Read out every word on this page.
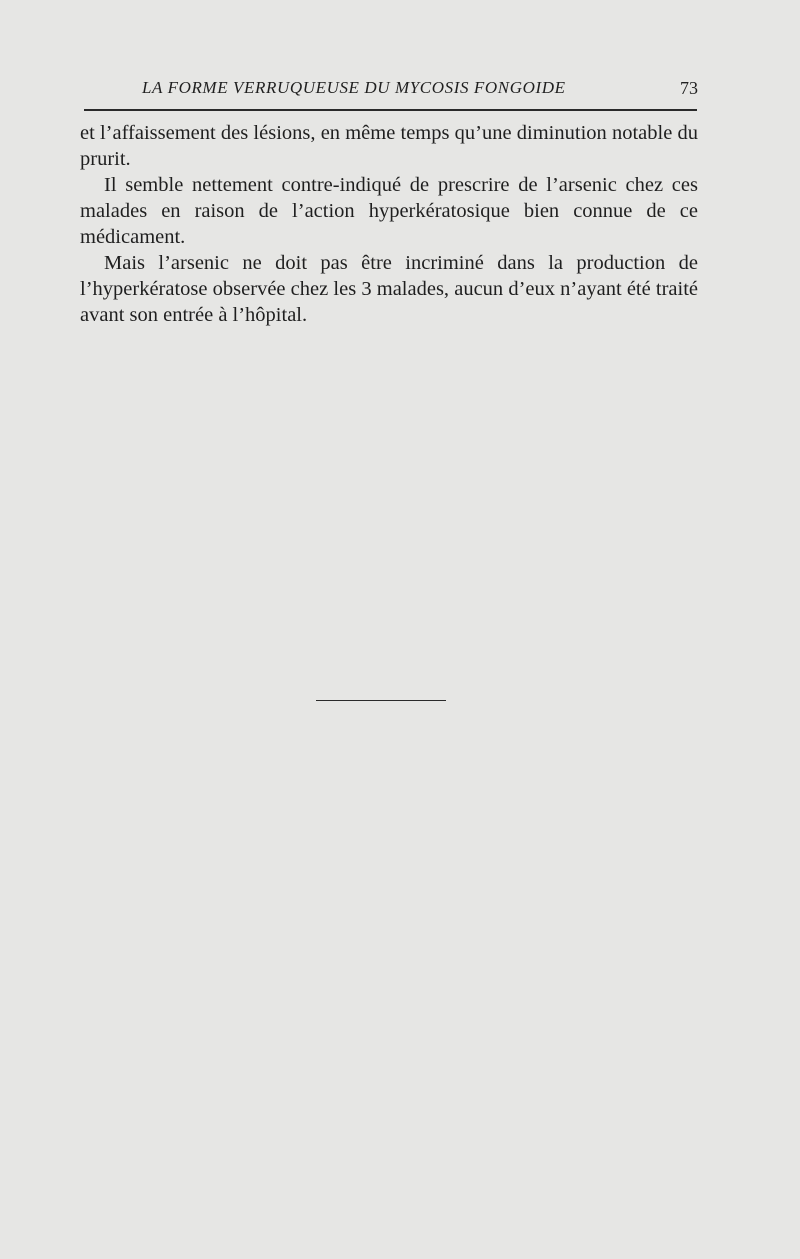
LA FORME VERRUQUEUSE DU MYCOSIS FONGOIDE	73

et l’affaissement des lésions, en même temps qu’une diminution notable du prurit.

Il semble nettement contre-indiqué de prescrire de l’arsenic chez ces malades en raison de l’action hyperkératosique bien connue de ce médicament.

Mais l’arsenic ne doit pas être incriminé dans la production de l’hyperkératose observée chez les 3 malades, aucun d’eux n’ayant été traité avant son entrée à l’hôpital.
